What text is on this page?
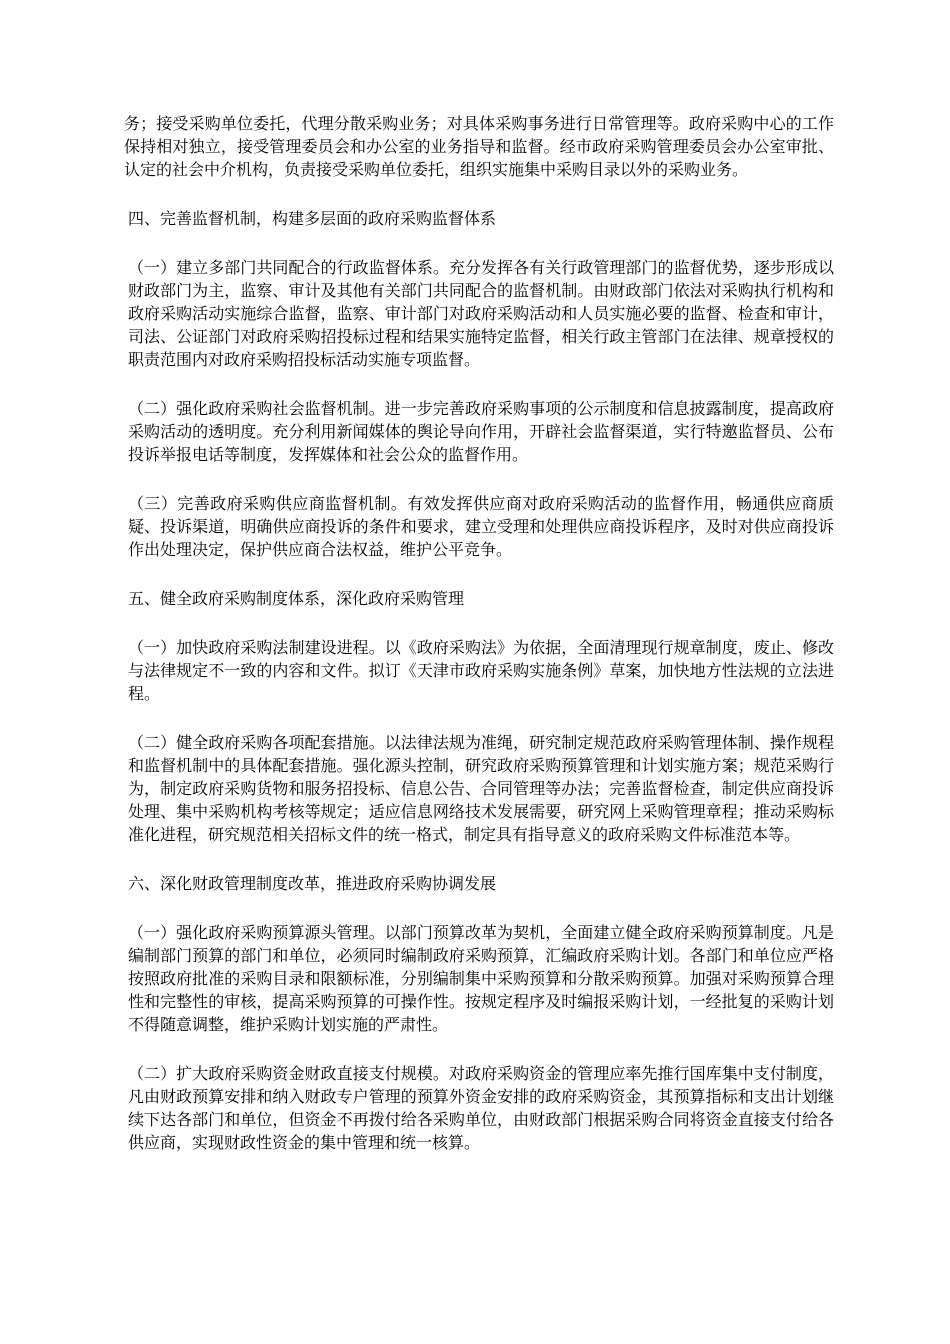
务；接受采购单位委托，代理分散采购业务；对具体采购事务进行日常管理等。政府采购中心的工作保持相对独立，接受管理委员会和办公室的业务指导和监督。经市政府采购管理委员会办公室审批、认定的社会中介机构，负责接受采购单位委托，组织实施集中采购目录以外的采购业务。

四、完善监督机制，构建多层面的政府采购监督体系

（一）建立多部门共同配合的行政监督体系。充分发挥各有关行政管理部门的监督优势，逐步形成以财政部门为主，监察、审计及其他有关部门共同配合的监督机制。由财政部门依法对采购执行机构和政府采购活动实施综合监督，监察、审计部门对政府采购活动和人员实施必要的监督、检查和审计，司法、公证部门对政府采购招投标过程和结果实施特定监督，相关行政主管部门在法律、规章授权的职责范围内对政府采购招投标活动实施专项监督。

（二）强化政府采购社会监督机制。进一步完善政府采购事项的公示制度和信息披露制度，提高政府采购活动的透明度。充分利用新闻媒体的舆论导向作用，开辟社会监督渠道，实行特邀监督员、公布投诉举报电话等制度，发挥媒体和社会公众的监督作用。

（三）完善政府采购供应商监督机制。有效发挥供应商对政府采购活动的监督作用，畅通供应商质疑、投诉渠道，明确供应商投诉的条件和要求，建立受理和处理供应商投诉程序，及时对供应商投诉作出处理决定，保护供应商合法权益，维护公平竞争。

五、健全政府采购制度体系，深化政府采购管理

（一）加快政府采购法制建设进程。以《政府采购法》为依据，全面清理现行规章制度，废止、修改与法律规定不一致的内容和文件。拟订《天津市政府采购实施条例》草案，加快地方性法规的立法进程。

（二）健全政府采购各项配套措施。以法律法规为准绳，研究制定规范政府采购管理体制、操作规程和监督机制中的具体配套措施。强化源头控制，研究政府采购预算管理和计划实施方案；规范采购行为，制定政府采购货物和服务招投标、信息公告、合同管理等办法；完善监督检查，制定供应商投诉处理、集中采购机构考核等规定；适应信息网络技术发展需要，研究网上采购管理章程；推动采购标准化进程，研究规范相关招标文件的统一格式，制定具有指导意义的政府采购文件标准范本等。

六、深化财政管理制度改革，推进政府采购协调发展

（一）强化政府采购预算源头管理。以部门预算改革为契机，全面建立健全政府采购预算制度。凡是编制部门预算的部门和单位，必须同时编制政府采购预算，汇编政府采购计划。各部门和单位应严格按照政府批准的采购目录和限额标准，分别编制集中采购预算和分散采购预算。加强对采购预算合理性和完整性的审核，提高采购预算的可操作性。按规定程序及时编报采购计划，一经批复的采购计划不得随意调整，维护采购计划实施的严肃性。

（二）扩大政府采购资金财政直接支付规模。对政府采购资金的管理应率先推行国库集中支付制度，凡由财政预算安排和纳入财政专户管理的预算外资金安排的政府采购资金，其预算指标和支出计划继续下达各部门和单位，但资金不再拨付给各采购单位，由财政部门根据采购合同将资金直接支付给各供应商，实现财政性资金的集中管理和统一核算。
